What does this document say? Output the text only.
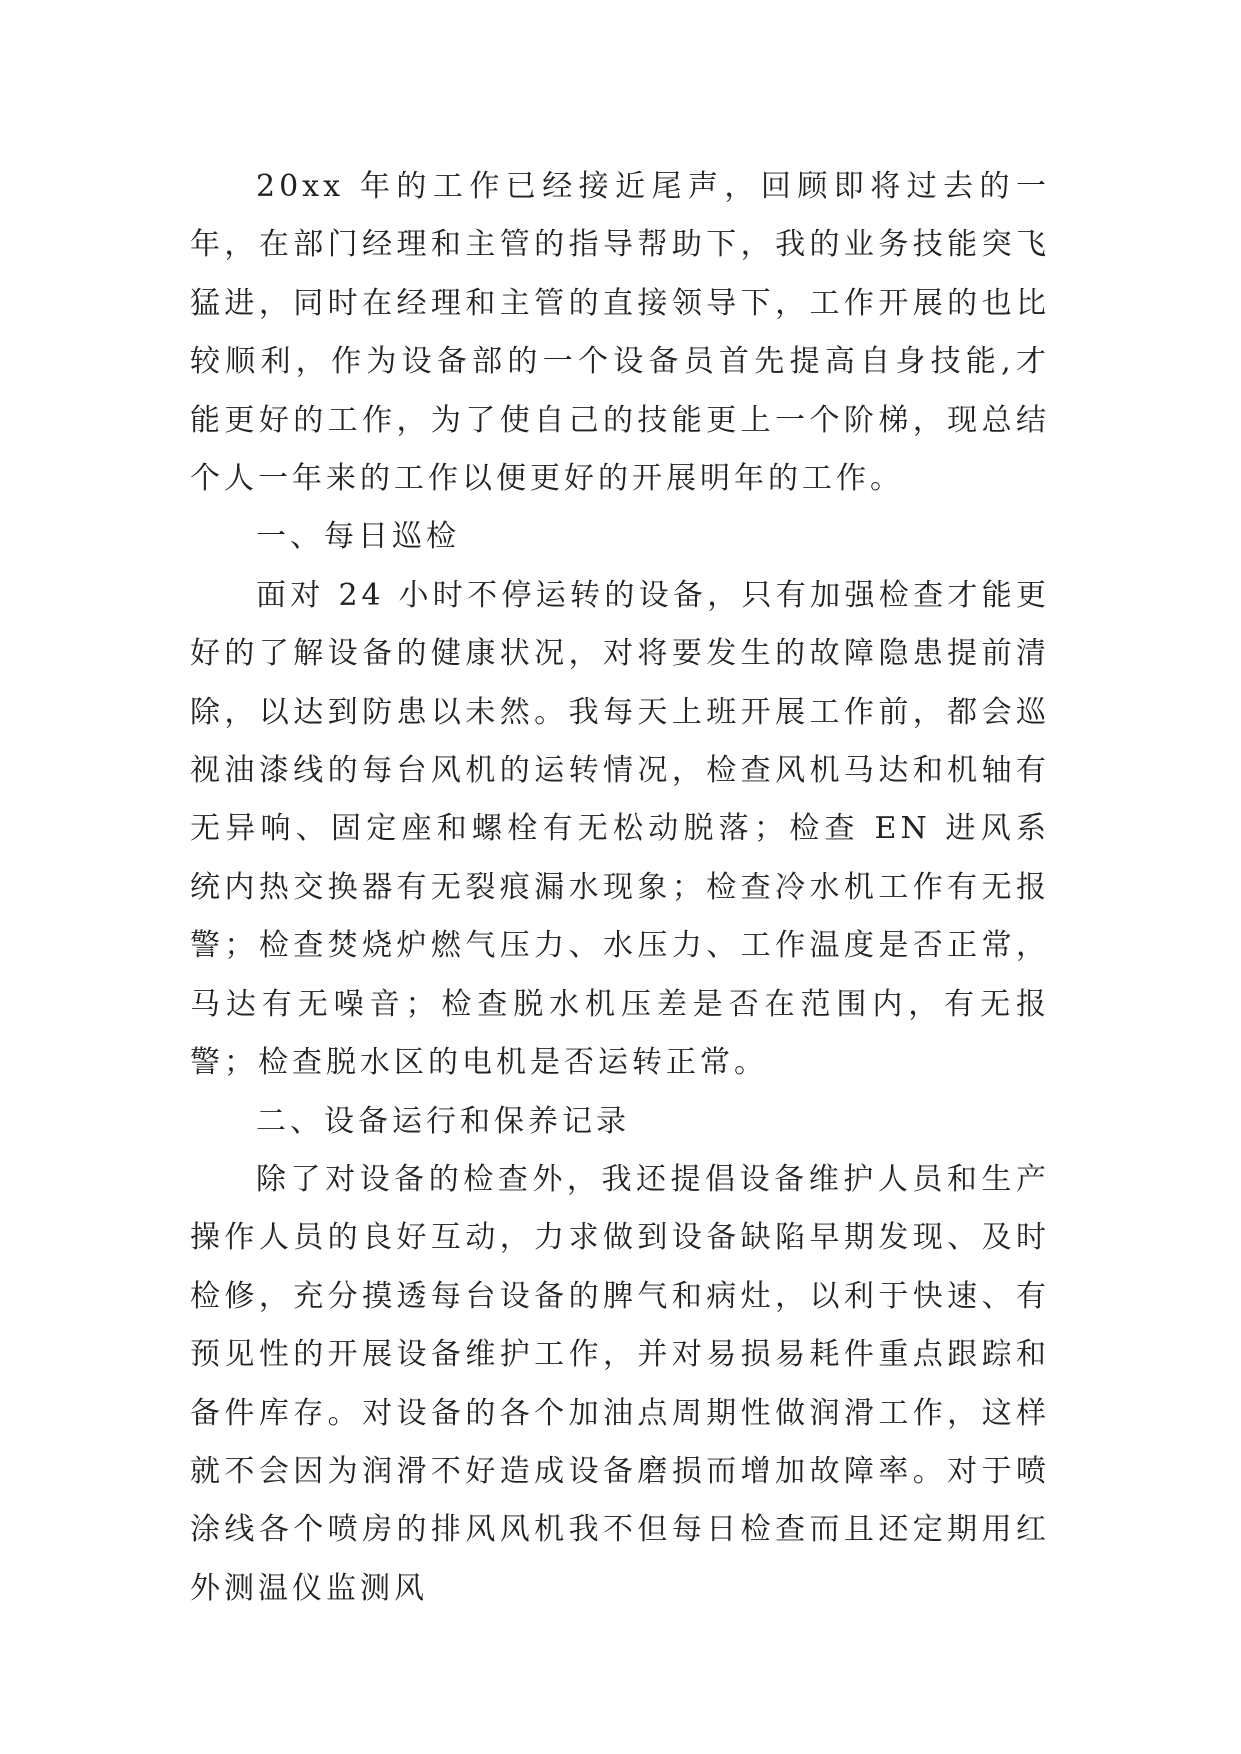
20xx 年的工作已经接近尾声，回顾即将过去的一年，在部门经理和主管的指导帮助下，我的业务技能突飞猛进，同时在经理和主管的直接领导下，工作开展的也比较顺利，作为设备部的一个设备员首先提高自身技能,才能更好的工作，为了使自己的技能更上一个阶梯，现总结个人一年来的工作以便更好的开展明年的工作。

一、每日巡检

面对 24 小时不停运转的设备，只有加强检查才能更好的了解设备的健康状况，对将要发生的故障隐患提前清除，以达到防患以未然。我每天上班开展工作前，都会巡视油漆线的每台风机的运转情况，检查风机马达和机轴有无异响、固定座和螺栓有无松动脱落；检查 EN 进风系统内热交换器有无裂痕漏水现象；检查冷水机工作有无报警；检查焚烧炉燃气压力、水压力、工作温度是否正常，马达有无噪音；检查脱水机压差是否在范围内，有无报警；检查脱水区的电机是否运转正常。

二、设备运行和保养记录

除了对设备的检查外，我还提倡设备维护人员和生产操作人员的良好互动，力求做到设备缺陷早期发现、及时检修，充分摸透每台设备的脾气和病灶，以利于快速、有预见性的开展设备维护工作，并对易损易耗件重点跟踪和备件库存。对设备的各个加油点周期性做润滑工作，这样就不会因为润滑不好造成设备磨损而增加故障率。对于喷涂线各个喷房的排风风机我不但每日检查而且还定期用红外测温仪监测风
